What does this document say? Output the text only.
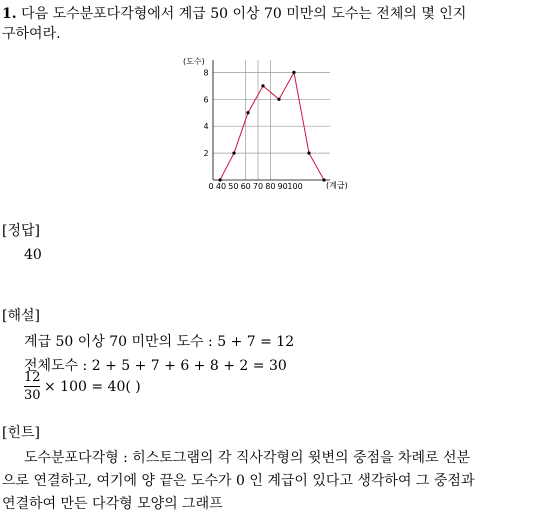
1. 다음 도수분포다각형에서 계급 50 이상 70 미만의 도수는 전체의 몇 인지
구하여라.
2
4
6
8
0 40 50 60 70 80 90 100
(도수)
(계급)
[정답]
40
[해설]
계급 50 이상 70 미만의 도수 : 5 + 7 = 12
전체도수 : 2 + 5 + 7 + 6 + 8 + 2 = 30
12
30
× 100 = 40( )
[힌트]
도수분포다각형 : 히스토그램의 각 직사각형의 윗변의 중점을 차례로 선분
으로 연결하고, 여기에 양 끝은 도수가 0 인 계급이 있다고 생각하여 그 중점과
연결하여 만든 다각형 모양의 그래프
